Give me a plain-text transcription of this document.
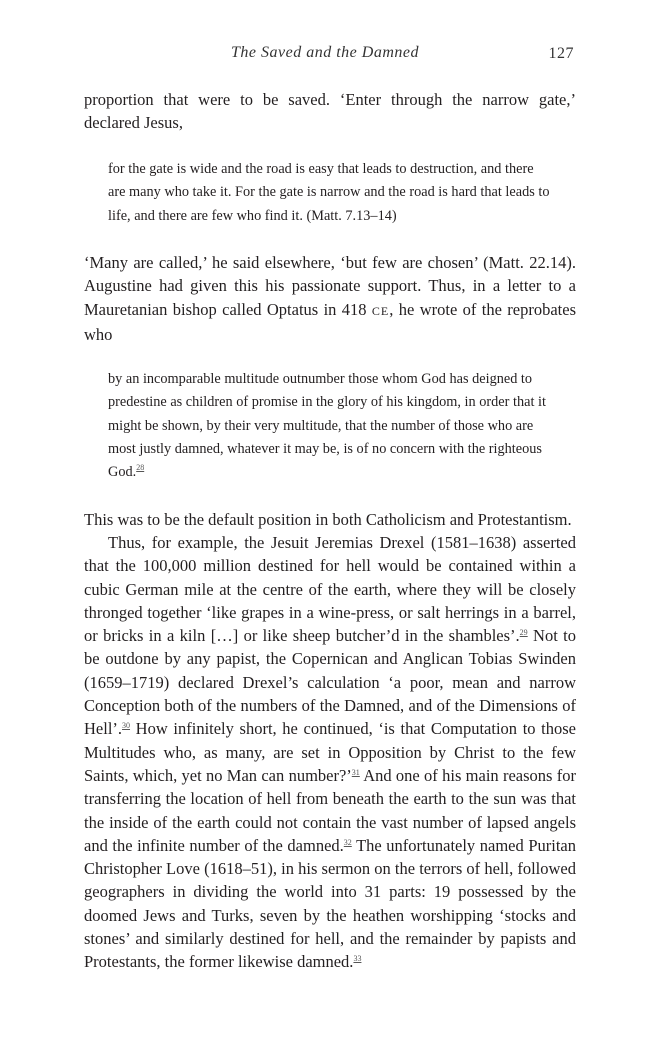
The Saved and the Damned	127

proportion that were to be saved. ‘Enter through the narrow gate,’ declared Jesus,

for the gate is wide and the road is easy that leads to destruction, and there are many who take it. For the gate is narrow and the road is hard that leads to life, and there are few who find it. (Matt. 7.13–14)

‘Many are called,’ he said elsewhere, ‘but few are chosen’ (Matt. 22.14). Augustine had given this his passionate support. Thus, in a letter to a Mauretanian bishop called Optatus in 418 CE, he wrote of the reprobates who

by an incomparable multitude outnumber those whom God has deigned to predestine as children of promise in the glory of his kingdom, in order that it might be shown, by their very multitude, that the number of those who are most justly damned, whatever it may be, is of no concern with the righteous God.$^{28}$

This was to be the default position in both Catholicism and Protestantism.

Thus, for example, the Jesuit Jeremias Drexel (1581–1638) asserted that the 100,000 million destined for hell would be contained within a cubic German mile at the centre of the earth, where they will be closely thronged together ‘like grapes in a wine-press, or salt herrings in a barrel, or bricks in a kiln […] or like sheep butcher’d in the shambles’.$^{29}$ Not to be outdone by any papist, the Copernican and Anglican Tobias Swinden (1659–1719) declared Drexel’s calculation ‘a poor, mean and narrow Conception both of the numbers of the Damned, and of the Dimensions of Hell’.$^{30}$ How infinitely short, he continued, ‘is that Computation to those Multitudes who, as many, are set in Opposition by Christ to the few Saints, which, yet no Man can number?’$^{31}$ And one of his main reasons for transferring the location of hell from beneath the earth to the sun was that the inside of the earth could not contain the vast number of lapsed angels and the infinite number of the damned.$^{32}$ The unfortunately named Puritan Christopher Love (1618–51), in his sermon on the terrors of hell, followed geographers in dividing the world into 31 parts: 19 possessed by the doomed Jews and Turks, seven by the heathen worshipping ‘stocks and stones’ and similarly destined for hell, and the remainder by papists and Protestants, the former likewise damned.$^{33}$
